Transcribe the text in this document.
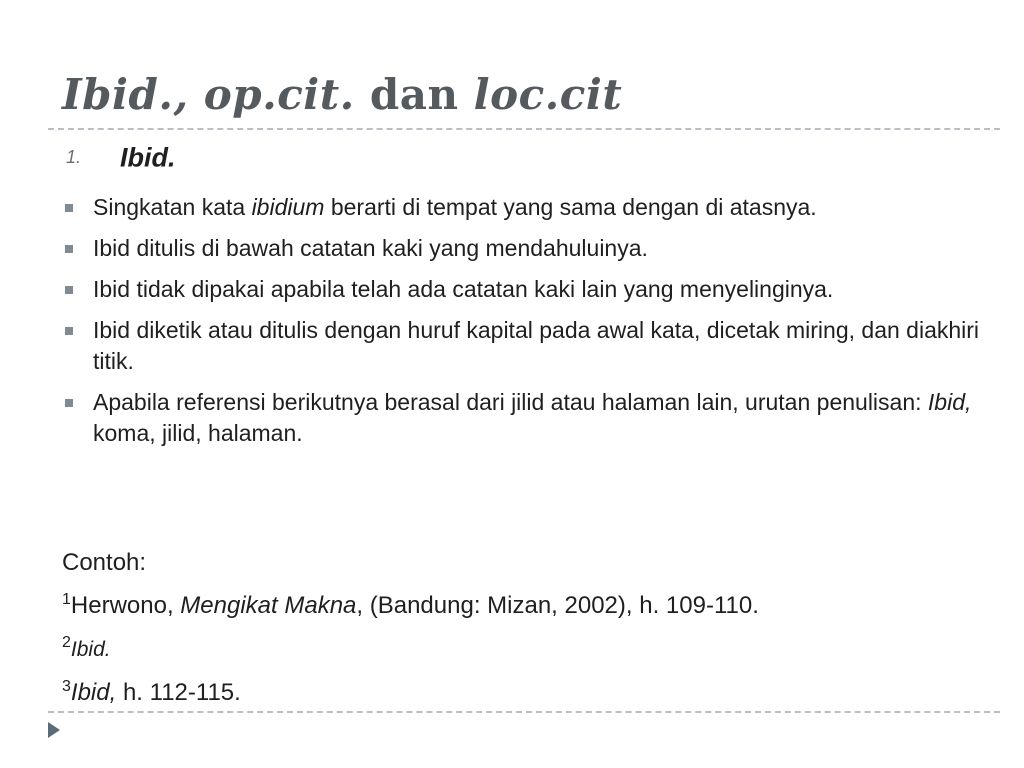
Ibid., op.cit. dan loc.cit
1. Ibid.
Singkatan kata ibidium berarti di tempat yang sama dengan di atasnya.
Ibid ditulis di bawah catatan kaki yang mendahuluinya.
Ibid tidak dipakai apabila telah ada catatan kaki lain yang menyelinginya.
Ibid diketik atau ditulis dengan huruf kapital pada awal kata, dicetak miring, dan diakhiri titik.
Apabila referensi berikutnya berasal dari jilid atau halaman lain, urutan penulisan: Ibid, koma, jilid, halaman.
Contoh:
$^1$Herwono, Mengikat Makna, (Bandung: Mizan, 2002), h. 109-110.
$^2$Ibid.
$^3$Ibid, h. 112-115.
